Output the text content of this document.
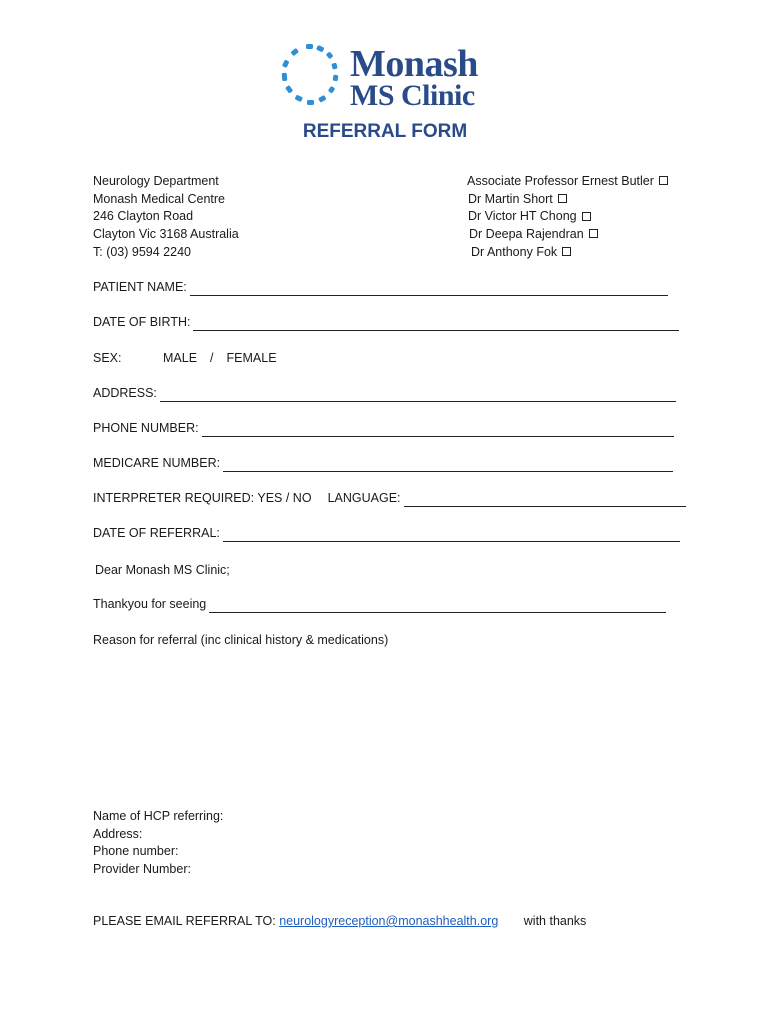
Monash
MS Clinic
REFERRAL FORM
Neurology Department
Monash Medical Centre
246 Clayton Road
Clayton Vic 3168 Australia
T: (03) 9594 2240
Associate Professor Ernest Butler
Dr Martin Short
Dr Victor HT Chong
Dr Deepa Rajendran
Dr Anthony Fok
PATIENT NAME:
DATE OF BIRTH:
SEX:	MALE / FEMALE
ADDRESS:
PHONE NUMBER:
MEDICARE NUMBER:
INTERPRETER REQUIRED: YES / NO LANGUAGE:
DATE OF REFERRAL:
Dear Monash MS Clinic;
Thankyou for seeing
Reason for referral (inc clinical history & medications)
Name of HCP referring:
Address:
Phone number:
Provider Number:
PLEASE EMAIL REFERRAL TO: neurologyreception@monashhealth.org with thanks
